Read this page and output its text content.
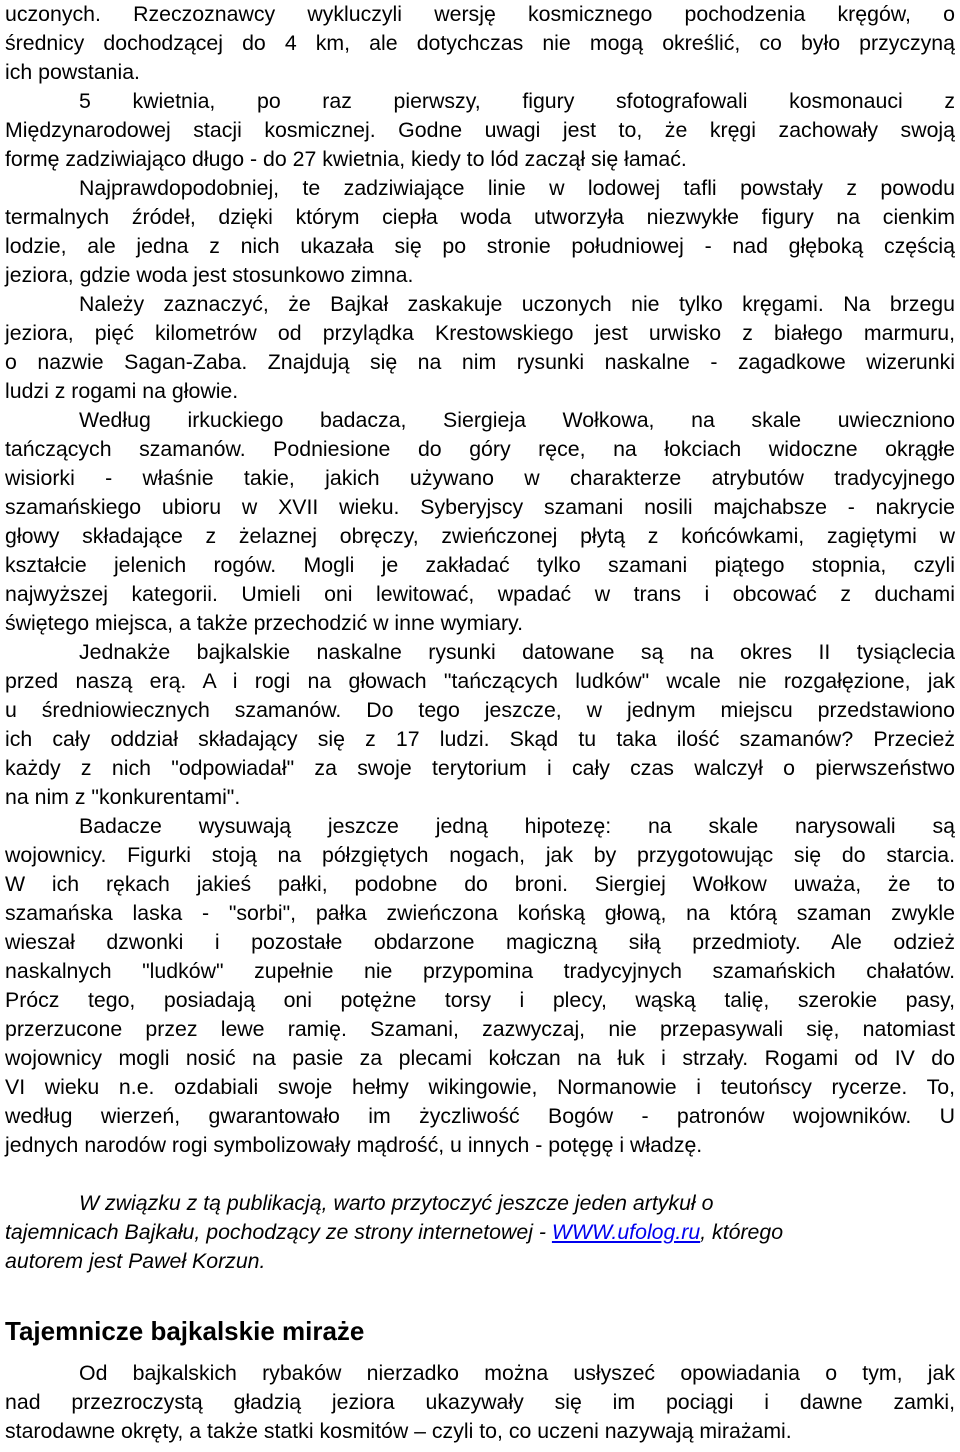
uczonych. Rzeczoznawcy wykluczyli wersję kosmicznego pochodzenia kręgów, o
średnicy dochodzącej do 4 km, ale dotychczas nie mogą określić, co było przyczyną
ich powstania.
5 kwietnia, po raz pierwszy, figury sfotografowali kosmonauci z
Międzynarodowej stacji kosmicznej. Godne uwagi jest to, że kręgi zachowały swoją
formę zadziwiająco długo - do 27 kwietnia, kiedy to lód zaczął się łamać.
Najprawdopodobniej, te zadziwiające linie w lodowej tafli powstały z powodu
termalnych źródeł, dzięki którym ciepła woda utworzyła niezwykłe figury na cienkim
lodzie, ale jedna z nich ukazała się po stronie południowej - nad głęboką częścią
jeziora, gdzie woda jest stosunkowo zimna.
Należy zaznaczyć, że Bajkał zaskakuje uczonych nie tylko kręgami. Na brzegu
jeziora, pięć kilometrów od przylądka Krestowskiego jest urwisko z białego marmuru,
o nazwie Sagan-Zaba. Znajdują się na nim rysunki naskalne - zagadkowe wizerunki
ludzi z rogami na głowie.
Według irkuckiego badacza, Siergieja Wołkowa, na skale uwieczniono
tańczących szamanów. Podniesione do góry ręce, na łokciach widoczne okrągłe
wisiorki - właśnie takie, jakich używano w charakterze atrybutów tradycyjnego
szamańskiego ubioru w XVII wieku. Syberyjscy szamani nosili majchabsze - nakrycie
głowy składające z żelaznej obręczy, zwieńczonej płytą z końcówkami, zagiętymi w
kształcie jelenich rogów. Mogli je zakładać tylko szamani piątego stopnia, czyli
najwyższej kategorii. Umieli oni lewitować, wpadać w trans i obcować z duchami
świętego miejsca, a także przechodzić w inne wymiary.
Jednakże bajkalskie naskalne rysunki datowane są na okres II tysiąclecia
przed naszą erą. A i rogi na głowach "tańczących ludków" wcale nie rozgałęzione, jak
u średniowiecznych szamanów. Do tego jeszcze, w jednym miejscu przedstawiono
ich cały oddział składający się z 17 ludzi. Skąd tu taka ilość szamanów? Przecież
każdy z nich "odpowiadał" za swoje terytorium i cały czas walczył o pierwszeństwo
na nim z "konkurentami".
Badacze wysuwają jeszcze jedną hipotezę: na skale narysowali są
wojownicy. Figurki stoją na półzgiętych nogach, jak by przygotowując się do starcia.
W ich rękach jakieś pałki, podobne do broni. Siergiej Wołkow uważa, że to
szamańska laska - "sorbi", pałka zwieńczona końską głową, na którą szaman zwykle
wieszał dzwonki i pozostałe obdarzone magiczną siłą przedmioty. Ale odzież
naskalnych "ludków" zupełnie nie przypomina tradycyjnych szamańskich chałatów.
Prócz tego, posiadają oni potężne torsy i plecy, wąską talię, szerokie pasy,
przerzucone przez lewe ramię. Szamani, zazwyczaj, nie przepasywali się, natomiast
wojownicy mogli nosić na pasie za plecami kołczan na łuk i strzały. Rogami od IV do
VI wieku n.e. ozdabiali swoje hełmy wikingowie, Normanowie i teutońscy rycerze. To,
według wierzeń, gwarantowało im życzliwość Bogów - patronów wojowników. U
jednych narodów rogi symbolizowały mądrość, u innych - potęgę i władzę.
W związku z tą publikacją, warto przytoczyć jeszcze jeden artykuł o
tajemnicach Bajkału, pochodzący ze strony internetowej - WWW.ufolog.ru, którego
autorem jest Paweł Korzun.
Tajemnicze bajkalskie miraże
Od bajkalskich rybaków nierzadko można usłyszeć opowiadania o tym, jak
nad przezroczystą gładzią jeziora ukazywały się im pociągi i dawne zamki,
starodawne okręty, a także statki kosmitów – czyli to, co uczeni nazywają mirażami.
